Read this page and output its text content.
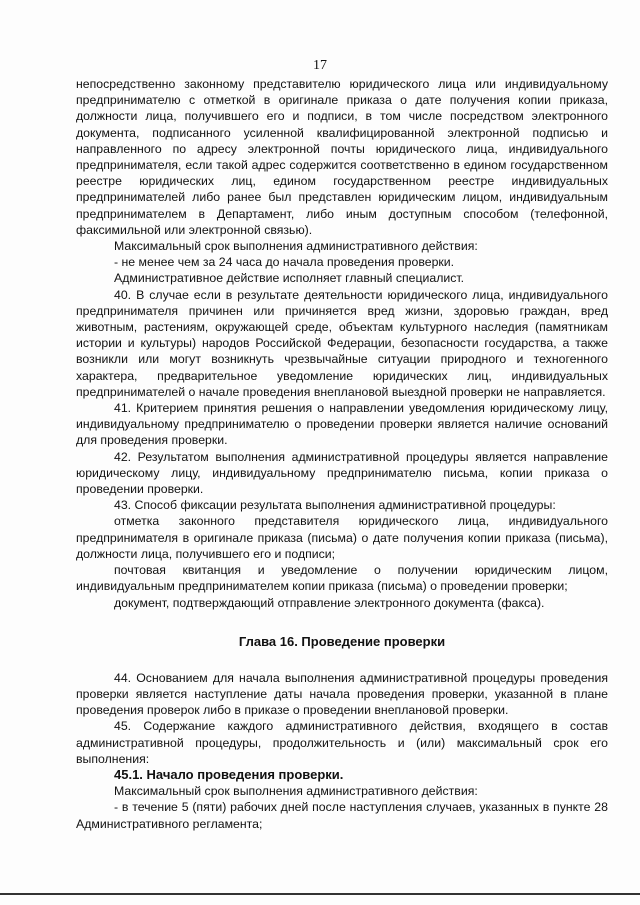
17

непосредственно законному представителю юридического лица или индивидуальному предпринимателю с отметкой в оригинале приказа о дате получения копии приказа, должности лица, получившего его и подписи, в том числе посредством электронного документа, подписанного усиленной квалифицированной электронной подписью и направленного по адресу электронной почты юридического лица, индивидуального предпринимателя, если такой адрес содержится соответственно в едином государственном реестре юридических лиц, едином государственном реестре индивидуальных предпринимателей либо ранее был представлен юридическим лицом, индивидуальным предпринимателем в Департамент, либо иным доступным способом (телефонной, факсимильной или электронной связью).

Максимальный срок выполнения административного действия:

- не менее чем за 24 часа до начала проведения проверки.

Административное действие исполняет главный специалист.

40. В случае если в результате деятельности юридического лица, индивидуального предпринимателя причинен или причиняется вред жизни, здоровью граждан, вред животным, растениям, окружающей среде, объектам культурного наследия (памятникам истории и культуры) народов Российской Федерации, безопасности государства, а также возникли или могут возникнуть чрезвычайные ситуации природного и техногенного характера, предварительное уведомление юридических лиц, индивидуальных предпринимателей о начале проведения внеплановой выездной проверки не направляется.

41. Критерием принятия решения о направлении уведомления юридическому лицу, индивидуальному предпринимателю о проведении проверки является наличие оснований для проведения проверки.

42. Результатом выполнения административной процедуры является направление юридическому лицу, индивидуальному предпринимателю письма, копии приказа о проведении проверки.

43. Способ фиксации результата выполнения административной процедуры:

отметка законного представителя юридического лица, индивидуального предпринимателя в оригинале приказа (письма) о дате получения копии приказа (письма), должности лица, получившего его и подписи;

почтовая квитанция и уведомление о получении юридическим лицом, индивидуальным предпринимателем копии приказа (письма) о проведении проверки;

документ, подтверждающий отправление электронного документа (факса).

Глава 16. Проведение проверки

44. Основанием для начала выполнения административной процедуры проведения проверки является наступление даты начала проведения проверки, указанной в плане проведения проверок либо в приказе о проведении внеплановой проверки.

45. Содержание каждого административного действия, входящего в состав административной процедуры, продолжительность и (или) максимальный срок его выполнения:

45.1. Начало проведения проверки.

Максимальный срок выполнения административного действия:

- в течение 5 (пяти) рабочих дней после наступления случаев, указанных в пункте 28 Административного регламента;
